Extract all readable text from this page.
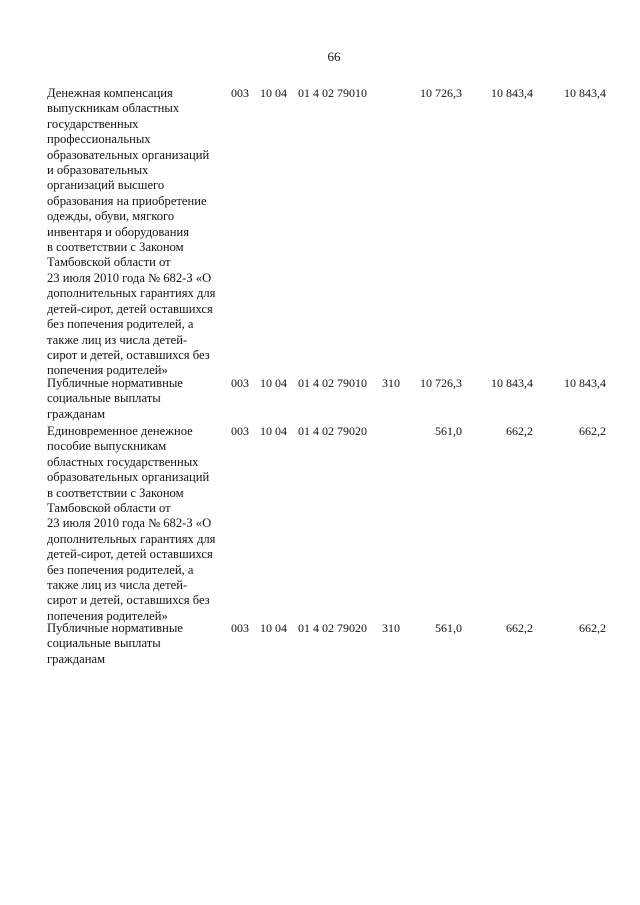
66
Денежная компенсация
выпускникам областных
государственных
профессиональных
образовательных организаций
и образовательных
организаций высшего
образования на приобретение
одежды, обуви, мягкого
инвентаря и оборудования
в соответствии с Законом
Тамбовской области от
23 июля 2010 года № 682-З «О
дополнительных гарантиях для
детей-сирот, детей оставшихся
без попечения родителей, а
также лиц из числа детей-
сирот и детей, оставшихся без
попечения родителей»
003 10 04 01 4 02 79010	10 726,3	10 843,4	10 843,4
Публичные нормативные
социальные выплаты
гражданам
003 10 04 01 4 02 79010 310	10 726,3	10 843,4	10 843,4
Единовременное денежное
пособие выпускникам
областных государственных
образовательных организаций
в соответствии с Законом
Тамбовской области от
23 июля 2010 года № 682-З «О
дополнительных гарантиях для
детей-сирот, детей оставшихся
без попечения родителей, а
также лиц из числа детей-
сирот и детей, оставшихся без
попечения родителей»
003 10 04 01 4 02 79020	561,0	662,2	662,2
Публичные нормативные
социальные выплаты
гражданам
003 10 04 01 4 02 79020 310	561,0	662,2	662,2
